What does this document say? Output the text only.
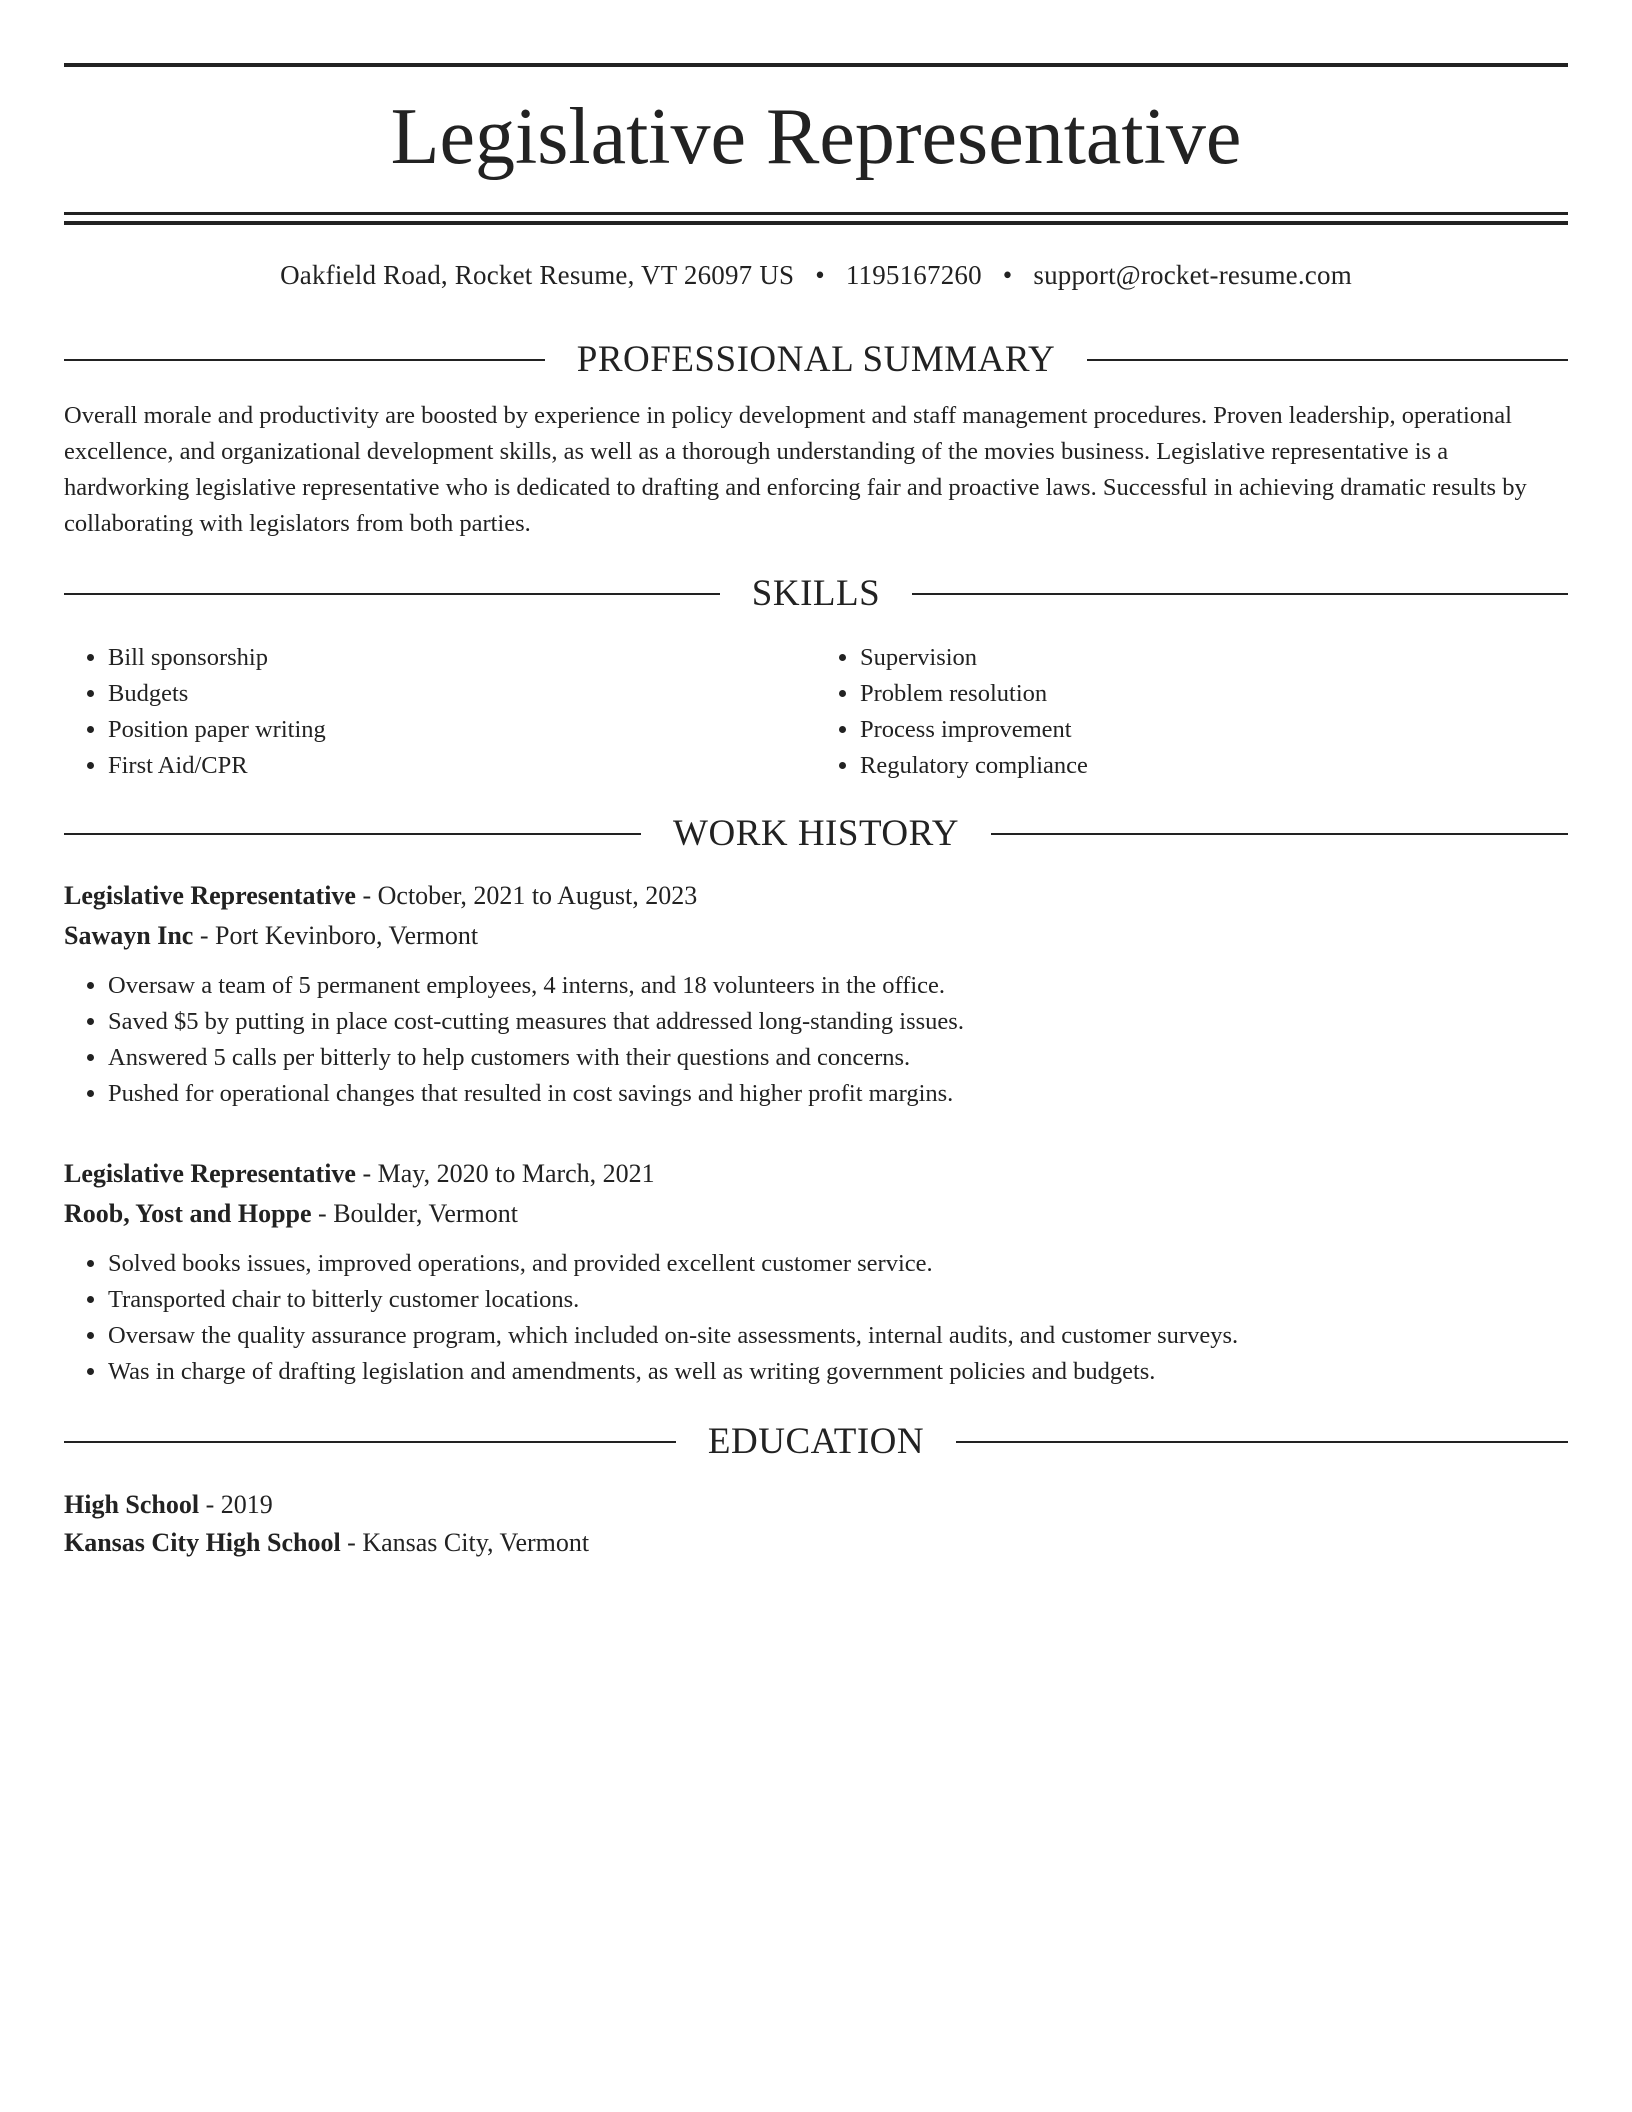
Legislative Representative
Oakfield Road, Rocket Resume, VT 26097 US • 1195167260 • support@rocket-resume.com
PROFESSIONAL SUMMARY
Overall morale and productivity are boosted by experience in policy development and staff management procedures. Proven leadership, operational excellence, and organizational development skills, as well as a thorough understanding of the movies business. Legislative representative is a hardworking legislative representative who is dedicated to drafting and enforcing fair and proactive laws. Successful in achieving dramatic results by collaborating with legislators from both parties.
SKILLS
• Bill sponsorship
• Budgets
• Position paper writing
• First Aid/CPR
• Supervision
• Problem resolution
• Process improvement
• Regulatory compliance
WORK HISTORY
Legislative Representative - October, 2021 to August, 2023
Sawayn Inc - Port Kevinboro, Vermont
• Oversaw a team of 5 permanent employees, 4 interns, and 18 volunteers in the office.
• Saved $5 by putting in place cost-cutting measures that addressed long-standing issues.
• Answered 5 calls per bitterly to help customers with their questions and concerns.
• Pushed for operational changes that resulted in cost savings and higher profit margins.
Legislative Representative - May, 2020 to March, 2021
Roob, Yost and Hoppe - Boulder, Vermont
• Solved books issues, improved operations, and provided excellent customer service.
• Transported chair to bitterly customer locations.
• Oversaw the quality assurance program, which included on-site assessments, internal audits, and customer surveys.
• Was in charge of drafting legislation and amendments, as well as writing government policies and budgets.
EDUCATION
High School - 2019
Kansas City High School - Kansas City, Vermont
